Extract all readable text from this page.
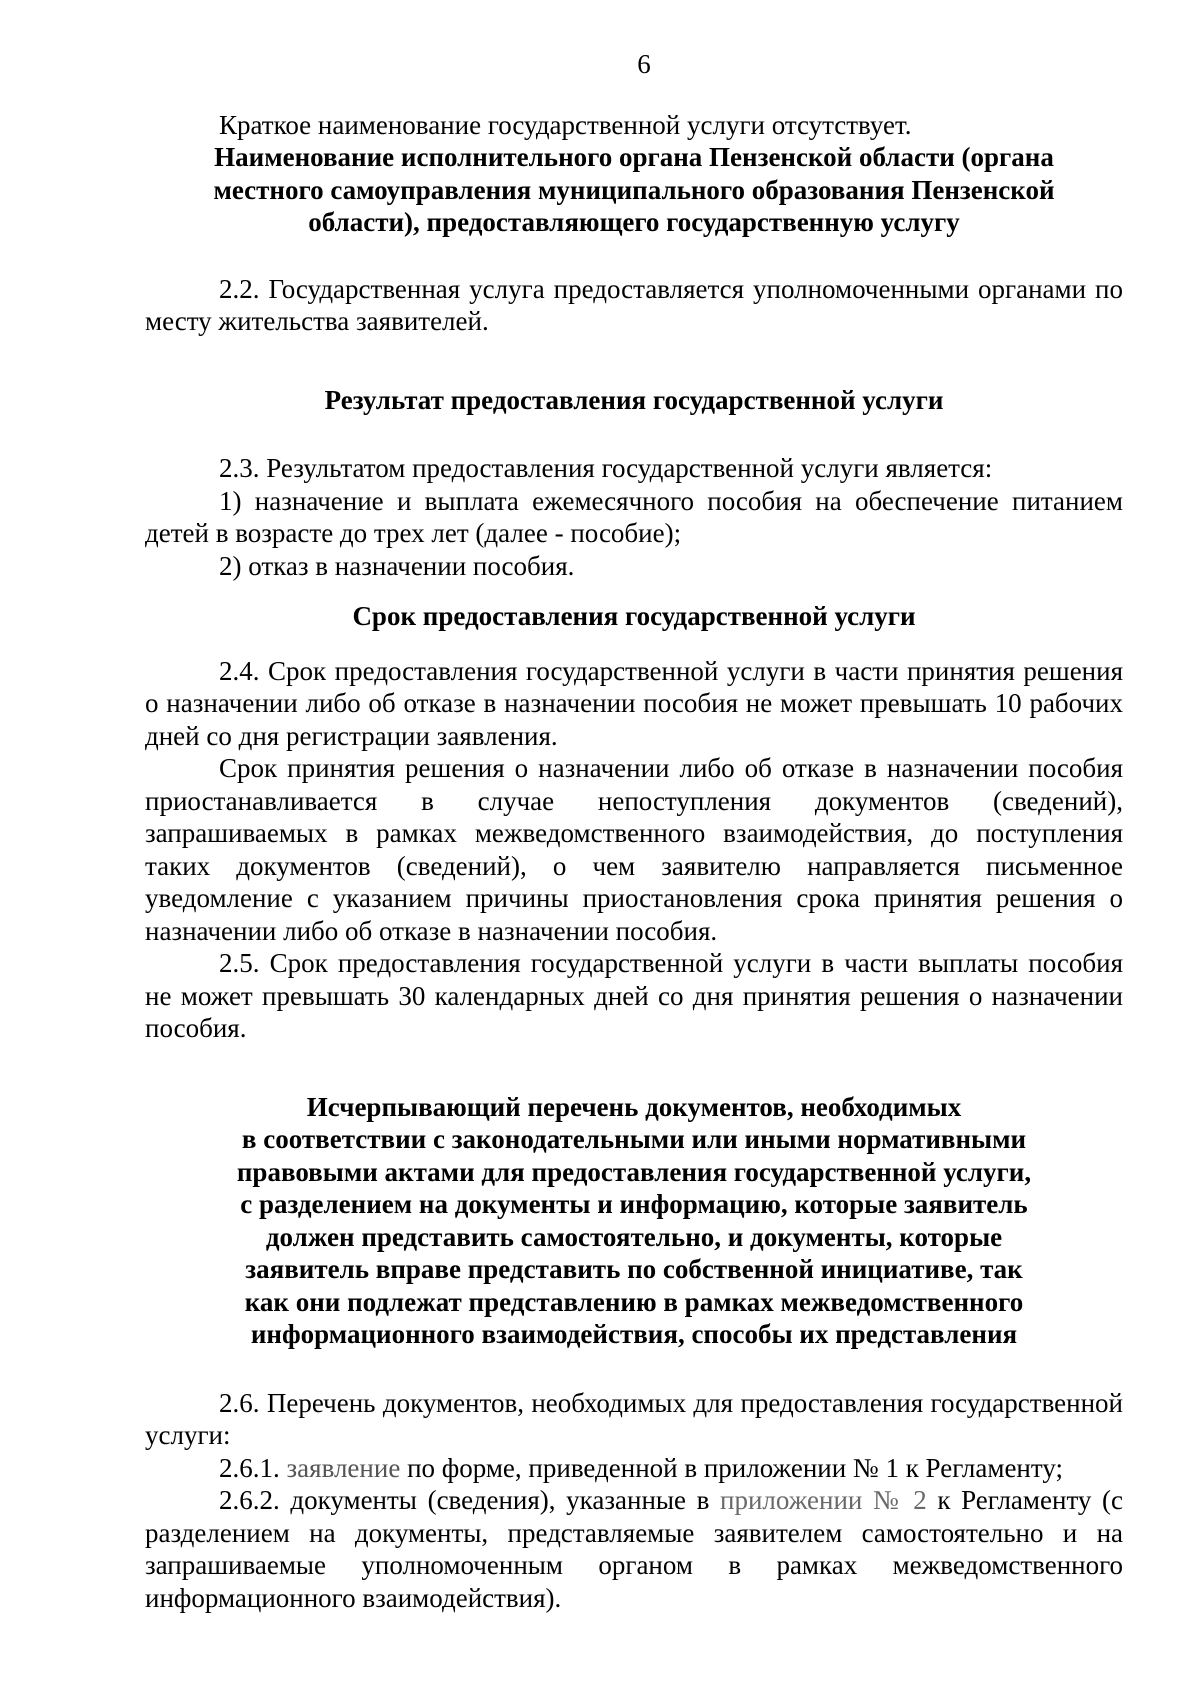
6

Краткое наименование государственной услуги отсутствует.

Наименование исполнительного органа Пензенской области (органа
местного самоуправления муниципального образования Пензенской
области), предоставляющего государственную услугу

2.2. Государственная услуга предоставляется уполномоченными органами по месту жительства заявителей.

Результат предоставления государственной услуги

2.3. Результатом предоставления государственной услуги является:

1) назначение и выплата ежемесячного пособия на обеспечение питанием детей в возрасте до трех лет (далее - пособие);

2) отказ в назначении пособия.

Срок предоставления государственной услуги

2.4. Срок предоставления государственной услуги в части принятия решения о назначении либо об отказе в назначении пособия не может превышать 10 рабочих дней со дня регистрации заявления.

Срок принятия решения о назначении либо об отказе в назначении пособия приостанавливается в случае непоступления документов (сведений), запрашиваемых в рамках межведомственного взаимодействия, до поступления таких документов (сведений), о чем заявителю направляется письменное уведомление с указанием причины приостановления срока принятия решения о назначении либо об отказе в назначении пособия.

2.5. Срок предоставления государственной услуги в части выплаты пособия не может превышать 30 календарных дней со дня принятия решения о назначении пособия.

Исчерпывающий перечень документов, необходимых
в соответствии с законодательными или иными нормативными
правовыми актами для предоставления государственной услуги,
с разделением на документы и информацию, которые заявитель
должен представить самостоятельно, и документы, которые
заявитель вправе представить по собственной инициативе, так
как они подлежат представлению в рамках межведомственного
информационного взаимодействия, способы их представления

2.6. Перечень документов, необходимых для предоставления государственной услуги:

2.6.1. заявление по форме, приведенной в приложении № 1 к Регламенту;

2.6.2. документы (сведения), указанные в приложении № 2 к Регламенту (с разделением на документы, представляемые заявителем самостоятельно и на запрашиваемые уполномоченным органом в рамках межведомственного информационного взаимодействия).
